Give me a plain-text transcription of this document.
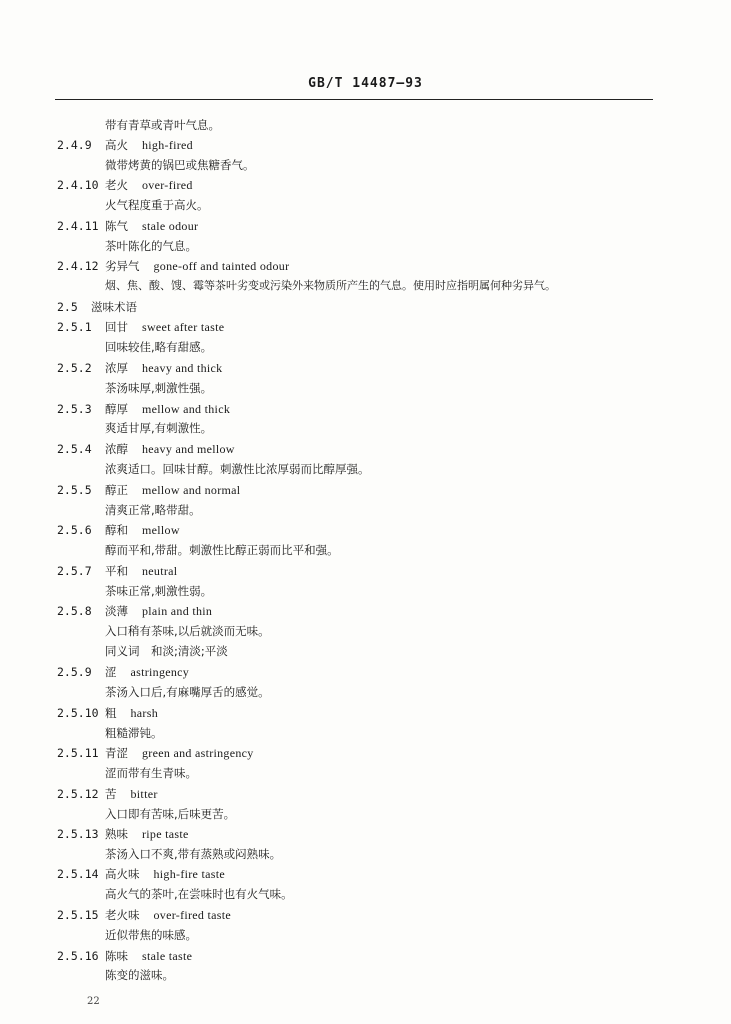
GB/T 14487—93
带有青草或青叶气息。
2.4.9 高火 high-fired
微带烤黄的锅巴或焦糖香气。
2.4.10 老火 over-fired
火气程度重于高火。
2.4.11 陈气 stale odour
茶叶陈化的气息。
2.4.12 劣异气 gone-off and tainted odour
烟、焦、酸、馊、霉等茶叶劣变或污染外来物质所产生的气息。使用时应指明属何种劣异气。
2.5 滋味术语
2.5.1 回甘 sweet after taste
回味较佳,略有甜感。
2.5.2 浓厚 heavy and thick
茶汤味厚,刺激性强。
2.5.3 醇厚 mellow and thick
爽适甘厚,有刺激性。
2.5.4 浓醇 heavy and mellow
浓爽适口。回味甘醇。刺激性比浓厚弱而比醇厚强。
2.5.5 醇正 mellow and normal
清爽正常,略带甜。
2.5.6 醇和 mellow
醇而平和,带甜。刺激性比醇正弱而比平和强。
2.5.7 平和 neutral
茶味正常,刺激性弱。
2.5.8 淡薄 plain and thin
入口稍有茶味,以后就淡而无味。
同义词　和淡;清淡;平淡
2.5.9 涩 astringency
茶汤入口后,有麻嘴厚舌的感觉。
2.5.10 粗 harsh
粗糙滞钝。
2.5.11 青涩 green and astringency
涩而带有生青味。
2.5.12 苦 bitter
入口即有苦味,后味更苦。
2.5.13 熟味 ripe taste
茶汤入口不爽,带有蒸熟或闷熟味。
2.5.14 高火味 high-fire taste
高火气的茶叶,在尝味时也有火气味。
2.5.15 老火味 over-fired taste
近似带焦的味感。
2.5.16 陈味 stale taste
陈变的滋味。
22
